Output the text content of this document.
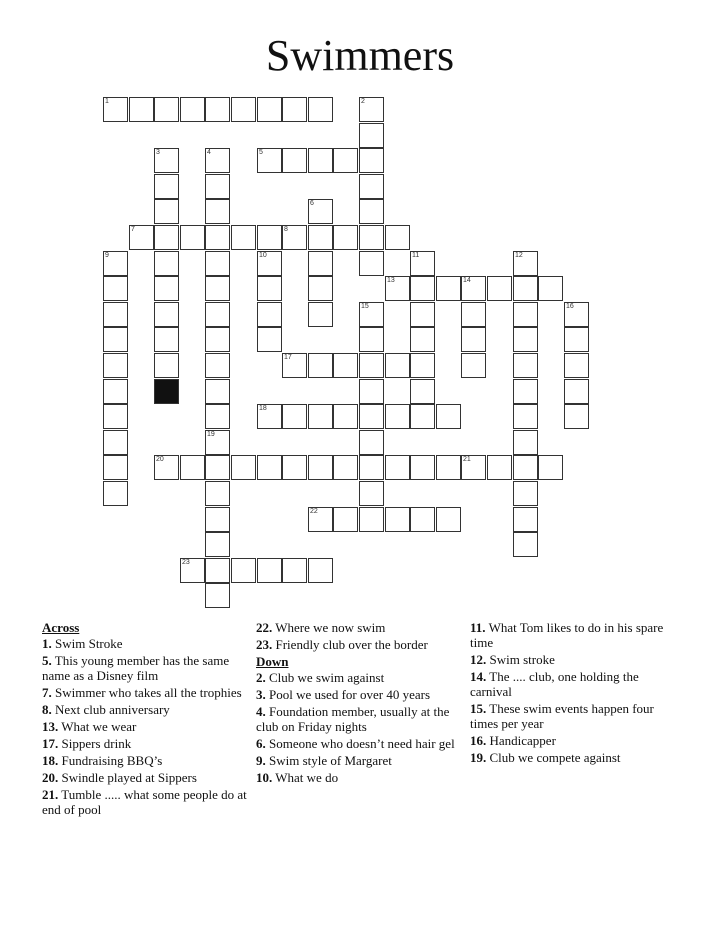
Swimmers
1
5
7	8
13	14
17
18
20	21
22
23
2
3	4
6
9	10	11	12
15	16
19
Across
1. Swim Stroke
5. This young member has the same name as a Disney film
7. Swimmer who takes all the trophies
8. Next club anniversary
13. What we wear
17. Sippers drink
18. Fundraising BBQ’s
20. Swindle played at Sippers
21. Tumble ..... what some people do at end of pool
22. Where we now swim
23. Friendly club over the border
Down
2. Club we swim against
3. Pool we used for over 40 years
4. Foundation member, usually at the club on Friday nights
6. Someone who doesn’t need hair gel
9. Swim style of Margaret
10. What we do
11. What Tom likes to do in his spare time
12. Swim stroke
14. The .... club, one holding the carnival
15. These swim events happen four times per year
16. Handicapper
19. Club we compete against
